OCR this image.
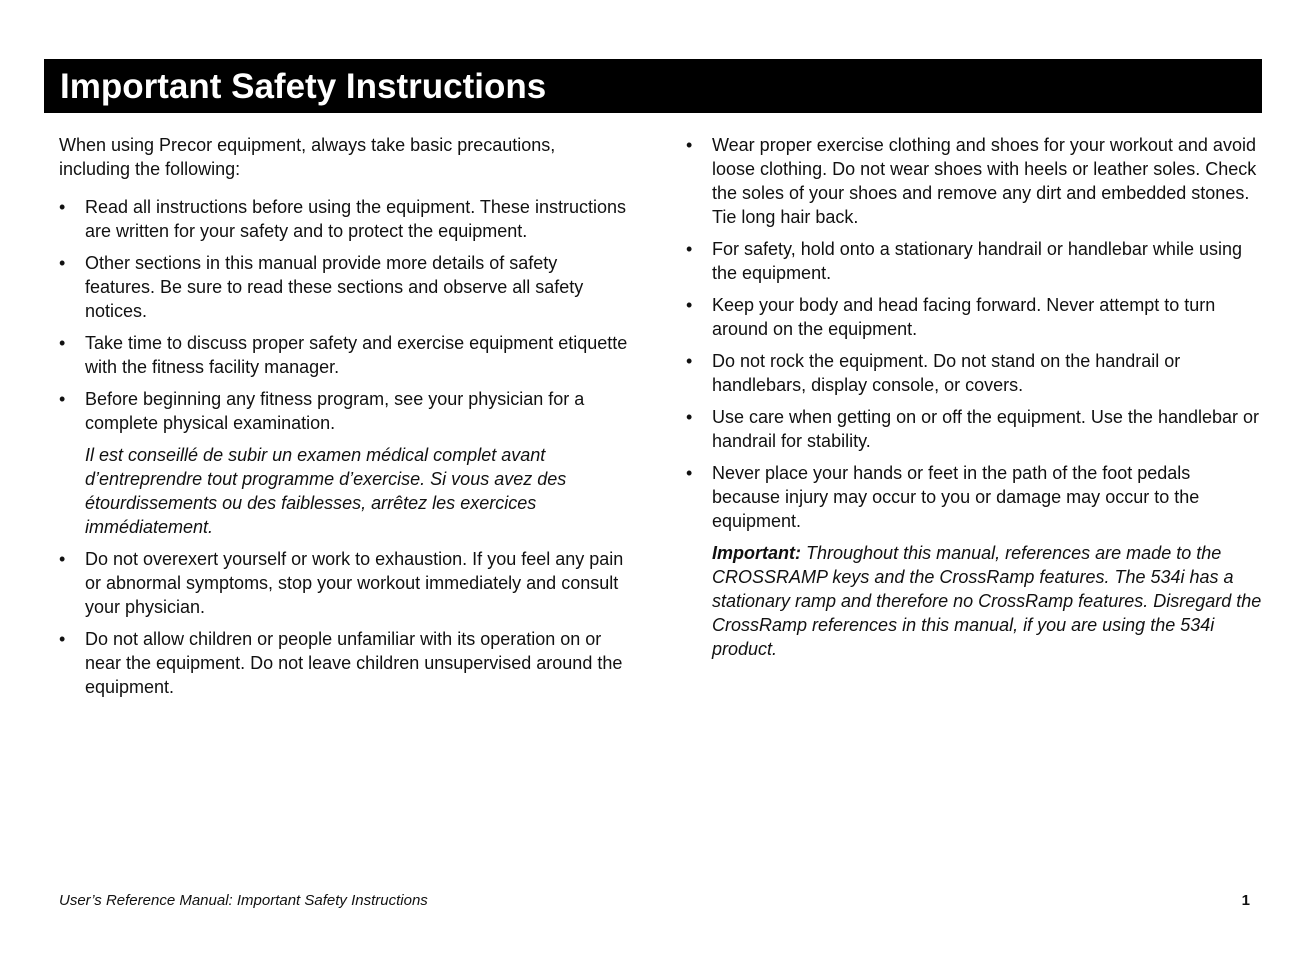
Important Safety Instructions

When using Precor equipment, always take basic precautions, including the following:

• Read all instructions before using the equipment. These instructions are written for your safety and to protect the equipment.
• Other sections in this manual provide more details of safety features. Be sure to read these sections and observe all safety notices.
• Take time to discuss proper safety and exercise equipment etiquette with the fitness facility manager.
• Before beginning any fitness program, see your physician for a complete physical examination.
Il est conseillé de subir un examen médical complet avant d’entreprendre tout programme d’exercise. Si vous avez des étourdissements ou des faiblesses, arrêtez les exercices immédiatement.
• Do not overexert yourself or work to exhaustion. If you feel any pain or abnormal symptoms, stop your workout immediately and consult your physician.
• Do not allow children or people unfamiliar with its operation on or near the equipment. Do not leave children unsupervised around the equipment.
• Wear proper exercise clothing and shoes for your workout and avoid loose clothing. Do not wear shoes with heels or leather soles. Check the soles of your shoes and remove any dirt and embedded stones. Tie long hair back.
• For safety, hold onto a stationary handrail or handlebar while using the equipment.
• Keep your body and head facing forward. Never attempt to turn around on the equipment.
• Do not rock the equipment. Do not stand on the handrail or handlebars, display console, or covers.
• Use care when getting on or off the equipment. Use the handlebar or handrail for stability.
• Never place your hands or feet in the path of the foot pedals because injury may occur to you or damage may occur to the equipment.

Important: Throughout this manual, references are made to the CROSSRAMP keys and the CrossRamp features. The 534i has a stationary ramp and therefore no CrossRamp features. Disregard the CrossRamp references in this manual, if you are using the 534i product.

User’s Reference Manual: Important Safety Instructions	1
